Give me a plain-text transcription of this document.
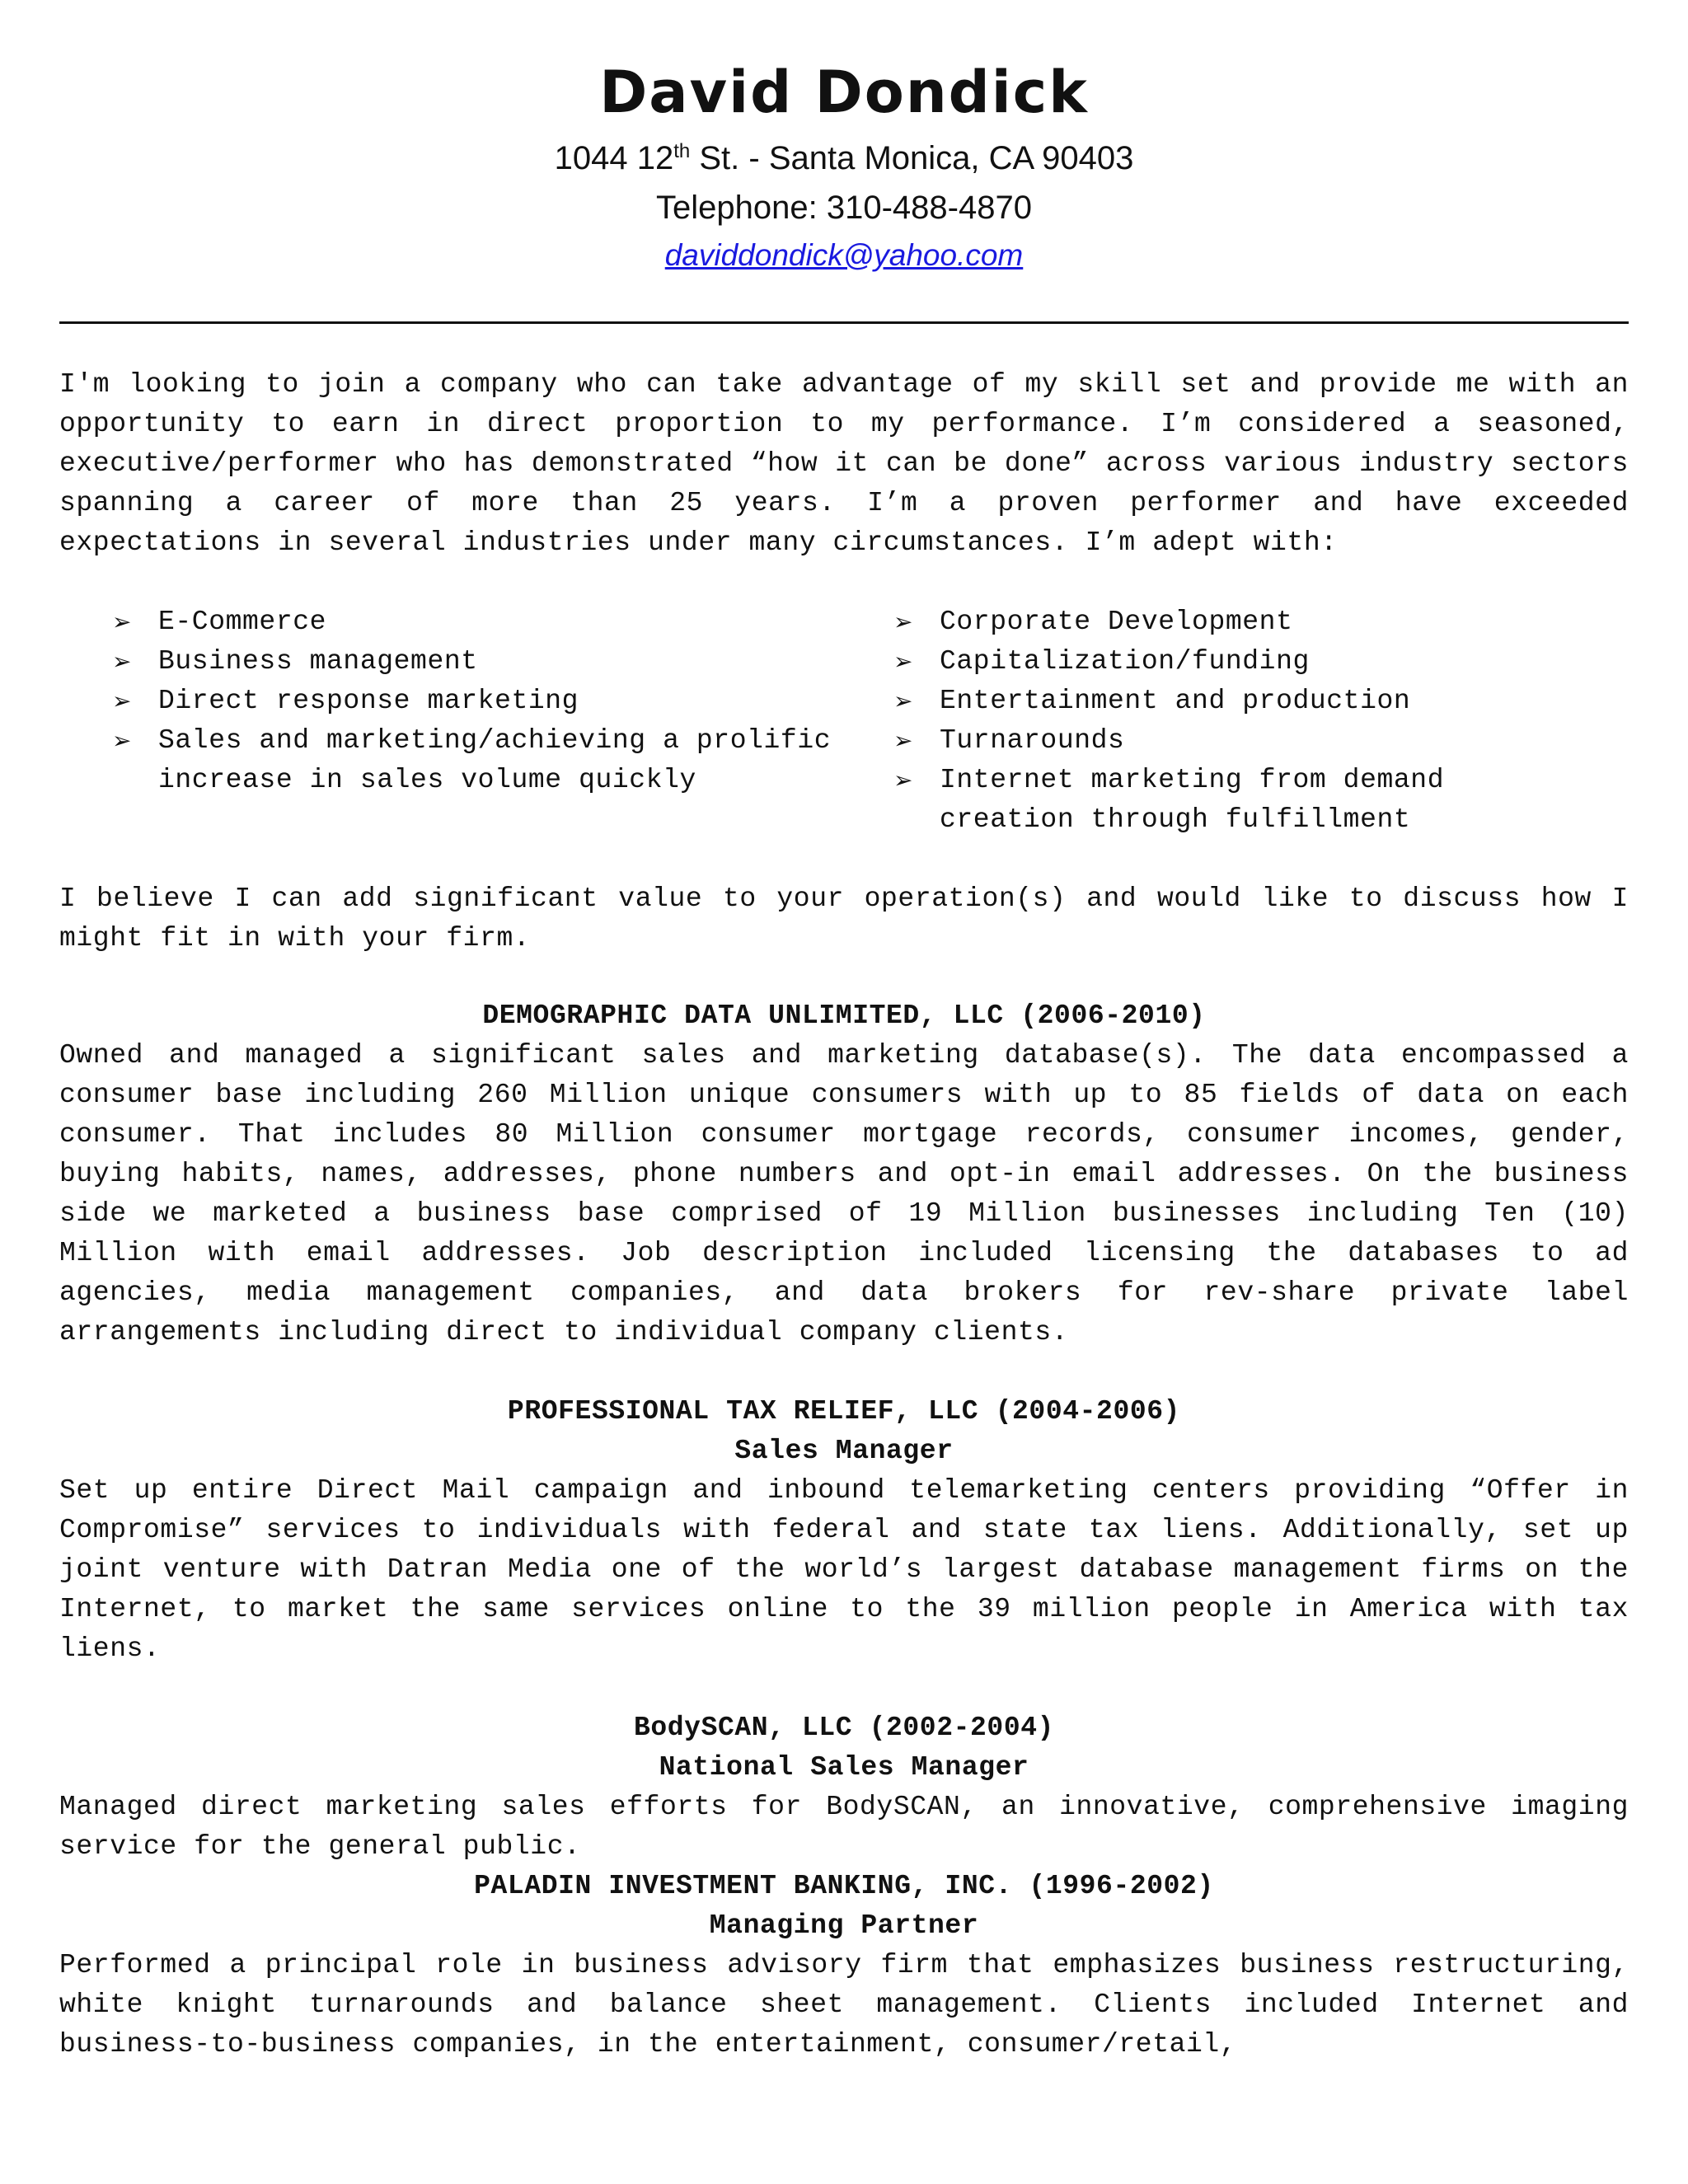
David Dondick

1044 12th St. - Santa Monica, CA 90403

Telephone: 310-488-4870

daviddondick@yahoo.com

I'm looking to join a company who can take advantage of my skill set and provide me with an opportunity to earn in direct proportion to my performance. I’m considered a seasoned, executive/performer who has demonstrated “how it can be done” across various industry sectors spanning a career of more than 25 years. I’m a proven performer and have exceeded expectations in several industries under many circumstances. I’m adept with:

➢ E-Commerce
➢ Business management
➢ Direct response marketing
➢ Sales and marketing/achieving a prolific increase in sales volume quickly
➢ Corporate Development
➢ Capitalization/funding
➢ Entertainment and production
➢ Turnarounds
➢ Internet marketing from demand creation through fulfillment

I believe I can add significant value to your operation(s) and would like to discuss how I might fit in with your firm.

DEMOGRAPHIC DATA UNLIMITED, LLC (2006-2010)

Owned and managed a significant sales and marketing database(s). The data encompassed a consumer base including 260 Million unique consumers with up to 85 fields of data on each consumer. That includes 80 Million consumer mortgage records, consumer incomes, gender, buying habits, names, addresses, phone numbers and opt-in email addresses. On the business side we marketed a business base comprised of 19 Million businesses including Ten (10) Million with email addresses. Job description included licensing the databases to ad agencies, media management companies, and data brokers for rev-share private label arrangements including direct to individual company clients.

PROFESSIONAL TAX RELIEF, LLC (2004-2006)

Sales Manager

Set up entire Direct Mail campaign and inbound telemarketing centers providing “Offer in Compromise” services to individuals with federal and state tax liens. Additionally, set up joint venture with Datran Media one of the world’s largest database management firms on the Internet, to market the same services online to the 39 million people in America with tax liens.

BodySCAN, LLC (2002-2004)

National Sales Manager

Managed direct marketing sales efforts for BodySCAN, an innovative, comprehensive imaging service for the general public.

PALADIN INVESTMENT BANKING, INC. (1996-2002)

Managing Partner

Performed a principal role in business advisory firm that emphasizes business restructuring, white knight turnarounds and balance sheet management. Clients included Internet and business-to-business companies, in the entertainment, consumer/retail,
